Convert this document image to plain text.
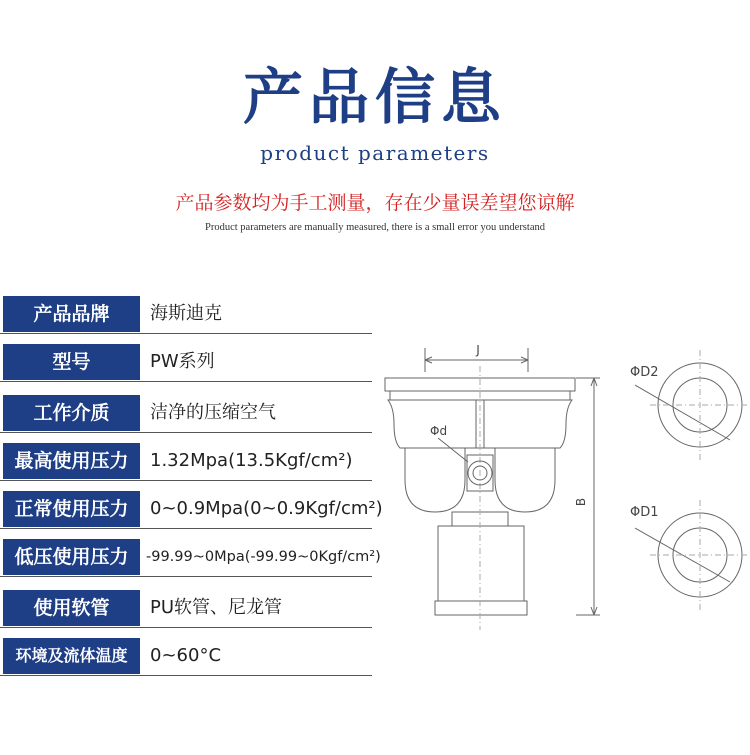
产品信息
product parameters
产品参数均为手工测量，存在少量误差望您谅解
Product parameters are manually measured, there is a small error you understand
产品品牌	海斯迪克
型号	PW系列
工作介质	洁净的压缩空气
最高使用压力	1.32Mpa(13.5Kgf/cm²)
正常使用压力	0~0.9Mpa(0~0.9Kgf/cm²)
低压使用压力	-99.99~0Mpa(-99.99~0Kgf/cm²)
使用软管	PU软管、尼龙管
环境及流体温度	0~60°C
J
Φd
B
ΦD2
ΦD1
